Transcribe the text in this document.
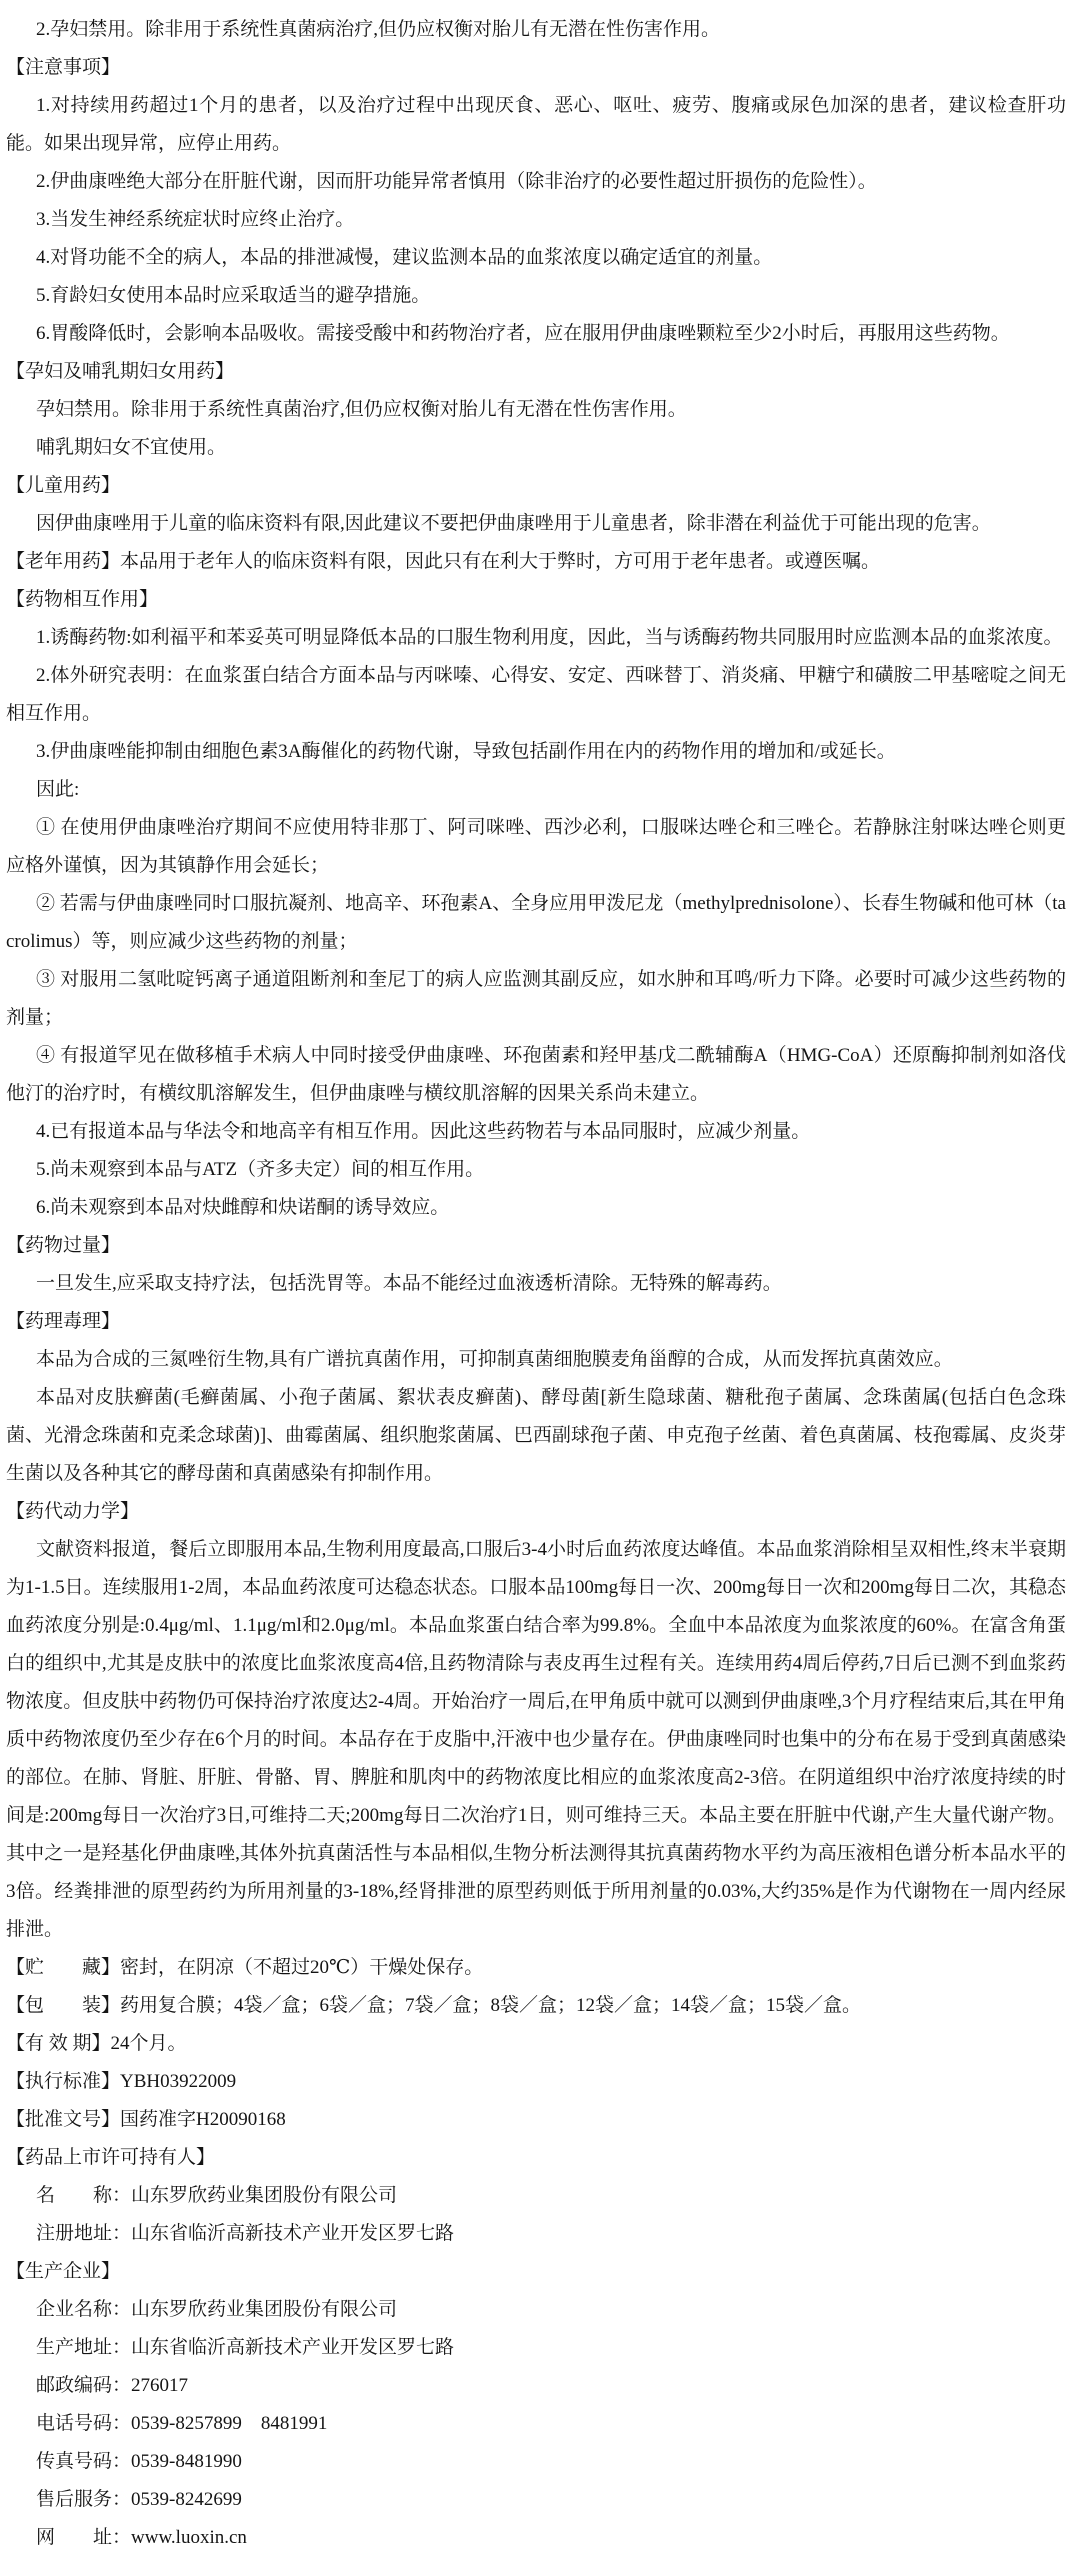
2.孕妇禁用。除非用于系统性真菌病治疗,但仍应权衡对胎儿有无潜在性伤害作用。

【注意事项】

1.对持续用药超过1个月的患者，以及治疗过程中出现厌食、恶心、呕吐、疲劳、腹痛或尿色加深的患者，建议检查肝功能。如果出现异常，应停止用药。

2.伊曲康唑绝大部分在肝脏代谢，因而肝功能异常者慎用（除非治疗的必要性超过肝损伤的危险性）。

3.当发生神经系统症状时应终止治疗。

4.对肾功能不全的病人，本品的排泄减慢，建议监测本品的血浆浓度以确定适宜的剂量。

5.育龄妇女使用本品时应采取适当的避孕措施。

6.胃酸降低时，会影响本品吸收。需接受酸中和药物治疗者，应在服用伊曲康唑颗粒至少2小时后，再服用这些药物。

【孕妇及哺乳期妇女用药】

孕妇禁用。除非用于系统性真菌治疗,但仍应权衡对胎儿有无潜在性伤害作用。

哺乳期妇女不宜使用。

【儿童用药】

因伊曲康唑用于儿童的临床资料有限,因此建议不要把伊曲康唑用于儿童患者，除非潜在利益优于可能出现的危害。

【老年用药】本品用于老年人的临床资料有限，因此只有在利大于弊时，方可用于老年患者。或遵医嘱。

【药物相互作用】

1.诱酶药物:如利福平和苯妥英可明显降低本品的口服生物利用度，因此，当与诱酶药物共同服用时应监测本品的血浆浓度。

2.体外研究表明：在血浆蛋白结合方面本品与丙咪嗪、心得安、安定、西咪替丁、消炎痛、甲糖宁和磺胺二甲基嘧啶之间无相互作用。

3.伊曲康唑能抑制由细胞色素3A酶催化的药物代谢，导致包括副作用在内的药物作用的增加和/或延长。

因此:

① 在使用伊曲康唑治疗期间不应使用特非那丁、阿司咪唑、西沙必利，口服咪达唑仑和三唑仑。若静脉注射咪达唑仑则更应格外谨慎，因为其镇静作用会延长；

② 若需与伊曲康唑同时口服抗凝剂、地高辛、环孢素A、全身应用甲泼尼龙（methylprednisolone）、长春生物碱和他可林（tacrolimus）等，则应减少这些药物的剂量；

③ 对服用二氢吡啶钙离子通道阻断剂和奎尼丁的病人应监测其副反应，如水肿和耳鸣/听力下降。必要时可减少这些药物的剂量；

④ 有报道罕见在做移植手术病人中同时接受伊曲康唑、环孢菌素和羟甲基戊二酰辅酶A（HMG-CoA）还原酶抑制剂如洛伐他汀的治疗时，有横纹肌溶解发生，但伊曲康唑与横纹肌溶解的因果关系尚未建立。

4.已有报道本品与华法令和地高辛有相互作用。因此这些药物若与本品同服时，应减少剂量。

5.尚未观察到本品与ATZ（齐多夫定）间的相互作用。

6.尚未观察到本品对炔雌醇和炔诺酮的诱导效应。

【药物过量】

一旦发生,应采取支持疗法，包括洗胃等。本品不能经过血液透析清除。无特殊的解毒药。

【药理毒理】

本品为合成的三氮唑衍生物,具有广谱抗真菌作用，可抑制真菌细胞膜麦角甾醇的合成，从而发挥抗真菌效应。

本品对皮肤癣菌(毛癣菌属、小孢子菌属、絮状表皮癣菌)、酵母菌[新生隐球菌、糖秕孢子菌属、念珠菌属(包括白色念珠菌、光滑念珠菌和克柔念球菌)]、曲霉菌属、组织胞浆菌属、巴西副球孢子菌、申克孢子丝菌、着色真菌属、枝孢霉属、皮炎芽生菌以及各种其它的酵母菌和真菌感染有抑制作用。

【药代动力学】

文献资料报道，餐后立即服用本品,生物利用度最高,口服后3-4小时后血药浓度达峰值。本品血浆消除相呈双相性,终末半衰期为1-1.5日。连续服用1-2周，本品血药浓度可达稳态状态。口服本品100mg每日一次、200mg每日一次和200mg每日二次，其稳态血药浓度分别是:0.4μg/ml、1.1μg/ml和2.0μg/ml。本品血浆蛋白结合率为99.8%。全血中本品浓度为血浆浓度的60%。在富含角蛋白的组织中,尤其是皮肤中的浓度比血浆浓度高4倍,且药物清除与表皮再生过程有关。连续用药4周后停药,7日后已测不到血浆药物浓度。但皮肤中药物仍可保持治疗浓度达2-4周。开始治疗一周后,在甲角质中就可以测到伊曲康唑,3个月疗程结束后,其在甲角质中药物浓度仍至少存在6个月的时间。本品存在于皮脂中,汗液中也少量存在。伊曲康唑同时也集中的分布在易于受到真菌感染的部位。在肺、肾脏、肝脏、骨骼、胃、脾脏和肌肉中的药物浓度比相应的血浆浓度高2-3倍。在阴道组织中治疗浓度持续的时间是:200mg每日一次治疗3日,可维持二天;200mg每日二次治疗1日，则可维持三天。本品主要在肝脏中代谢,产生大量代谢产物。其中之一是羟基化伊曲康唑,其体外抗真菌活性与本品相似,生物分析法测得其抗真菌药物水平约为高压液相色谱分析本品水平的3倍。经粪排泄的原型药约为所用剂量的3-18%,经肾排泄的原型药则低于所用剂量的0.03%,大约35%是作为代谢物在一周内经尿排泄。

【贮　　藏】密封，在阴凉（不超过20℃）干燥处保存。

【包　　装】药用复合膜；4袋／盒；6袋／盒；7袋／盒；8袋／盒；12袋／盒；14袋／盒；15袋／盒。

【有 效 期】24个月。

【执行标准】YBH03922009

【批准文号】国药准字H20090168

【药品上市许可持有人】

名　　称：山东罗欣药业集团股份有限公司

注册地址：山东省临沂高新技术产业开发区罗七路

【生产企业】

企业名称：山东罗欣药业集团股份有限公司

生产地址：山东省临沂高新技术产业开发区罗七路

邮政编码：276017

电话号码：0539-8257899    8481991

传真号码：0539-8481990

售后服务：0539-8242699

网　　址：www.luoxin.cn
